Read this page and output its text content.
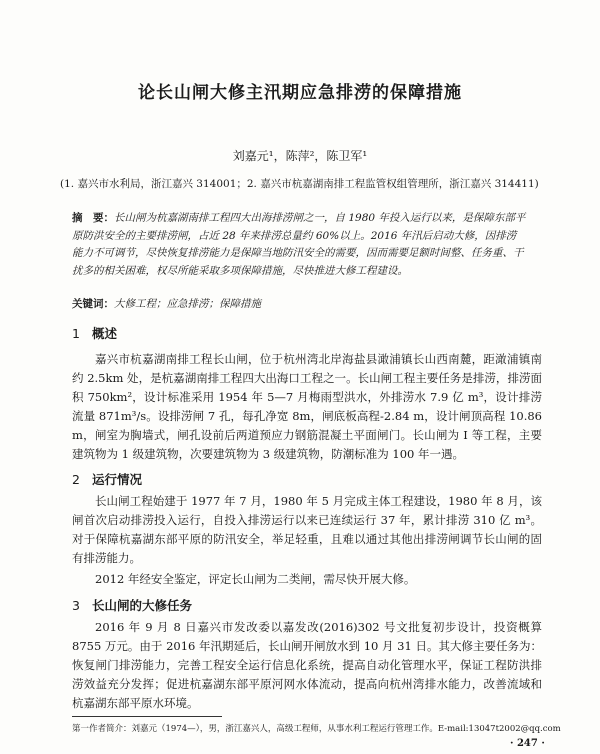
论长山闸大修主汛期应急排涝的保障措施
刘嘉元¹，陈萍²，陈卫军¹
(1. 嘉兴市水利局，浙江嘉兴 314001；2. 嘉兴市杭嘉湖南排工程监管权组管理所，浙江嘉兴 314411)
摘　要：长山闸为杭嘉湖南排工程四大出海排涝闸之一，自 1980 年投入运行以来，是保障东部平原防洪安全的主要排涝闸，占近 28 年来排涝总量约 60%以上。2016 年汛后启动大修，因排涝能力不可调节，尽快恢复排涝能力是保障当地防汛安全的需要，因而需要足额时间整、任务重、干扰多的相关困难，权尽所能采取多项保障措施，尽快推进大修工程建设。
关键词：大修工程；应急排涝；保障措施
1 概述
嘉兴市杭嘉湖南排工程长山闸，位于杭州湾北岸海盐县澉浦镇长山西南麓，距澉浦镇南约 2.5km 处，是杭嘉湖南排工程四大出海口工程之一。长山闸工程主要任务是排涝，排涝面积 750km²，设计标准采用 1954 年 5—7 月梅雨型洪水，外排涝水 7.9 亿 m³，设计排涝流量 871m³/s。设排涝闸 7 孔，每孔净宽 8m，闸底板高程-2.84 m，设计闸顶高程 10.86 m，闸室为胸墙式，闸孔设前后两道预应力钢筋混凝土平面闸门。长山闸为 I 等工程，主要建筑物为 1 级建筑物，次要建筑物为 3 级建筑物，防潮标准为 100 年一遇。
2 运行情况
长山闸工程始建于 1977 年 7 月，1980 年 5 月完成主体工程建设，1980 年 8 月，该闸首次启动排涝投入运行，自投入排涝运行以来已连续运行 37 年，累计排涝 310 亿 m³。对于保障杭嘉湖东部平原的防汛安全，举足轻重，且难以通过其他出排涝闸调节长山闸的固有排涝能力。
2012 年经安全鉴定，评定长山闸为二类闸，需尽快开展大修。
3 长山闸的大修任务
2016 年 9 月 8 日嘉兴市发改委以嘉发改(2016)302 号文批复初步设计，投资概算 8755 万元。由于 2016 年汛期延后，长山闸开闸放水到 10 月 31 日。其大修主要任务为：恢复闸门排涝能力，完善工程安全运行信息化系统，提高自动化管理水平，保证工程防洪排涝效益充分发挥；促进杭嘉湖东部平原河网水体流动，提高向杭州湾排水能力，改善流域和杭嘉湖东部平原水环境。
第一作者简介：刘嘉元（1974—），男，浙江嘉兴人，高级工程师，从事水利工程运行管理工作。E-mail:13047t2002@qq.com
· 247 ·
